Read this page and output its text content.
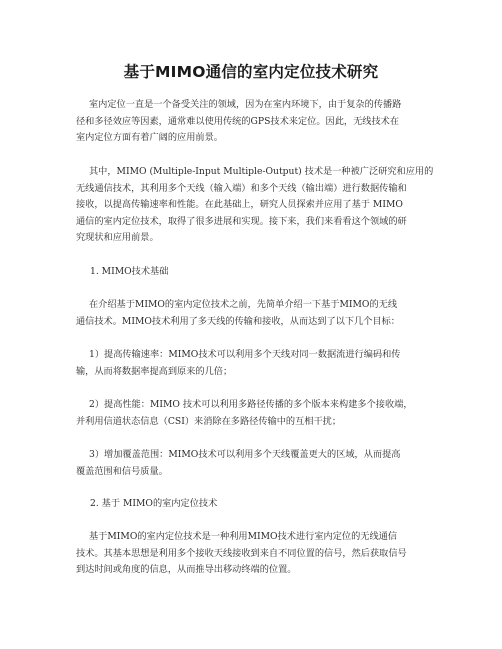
基于MIMO通信的室内定位技术研究

室内定位一直是一个备受关注的领域，因为在室内环境下，由于复杂的传播路
径和多径效应等因素，通常难以使用传统的GPS技术来定位。因此，无线技术在
室内定位方面有着广阔的应用前景。

其中，MIMO (Multiple-Input Multiple-Output) 技术是一种被广泛研究和应用的
无线通信技术，其利用多个天线（输入端）和多个天线（输出端）进行数据传输和
接收，以提高传输速率和性能。在此基础上，研究人员探索并应用了基于 MIMO
通信的室内定位技术，取得了很多进展和实现。接下来，我们来看看这个领域的研
究现状和应用前景。

1. MIMO技术基础

在介绍基于MIMO的室内定位技术之前，先简单介绍一下基于MIMO的无线
通信技术。MIMO技术利用了多天线的传输和接收，从而达到了以下几个目标：

1）提高传输速率：MIMO技术可以利用多个天线对同一数据流进行编码和传
输，从而将数据率提高到原来的几倍；

2）提高性能：MIMO 技术可以利用多路径传播的多个版本来构建多个接收端，
并利用信道状态信息（CSI）来消除在多路径传输中的互相干扰；

3）增加覆盖范围：MIMO技术可以利用多个天线覆盖更大的区域，从而提高
覆盖范围和信号质量。

2. 基于 MIMO的室内定位技术

基于MIMO的室内定位技术是一种利用MIMO技术进行室内定位的无线通信
技术。其基本思想是利用多个接收天线接收到来自不同位置的信号，然后获取信号
到达时间或角度的信息，从而推导出移动终端的位置。
